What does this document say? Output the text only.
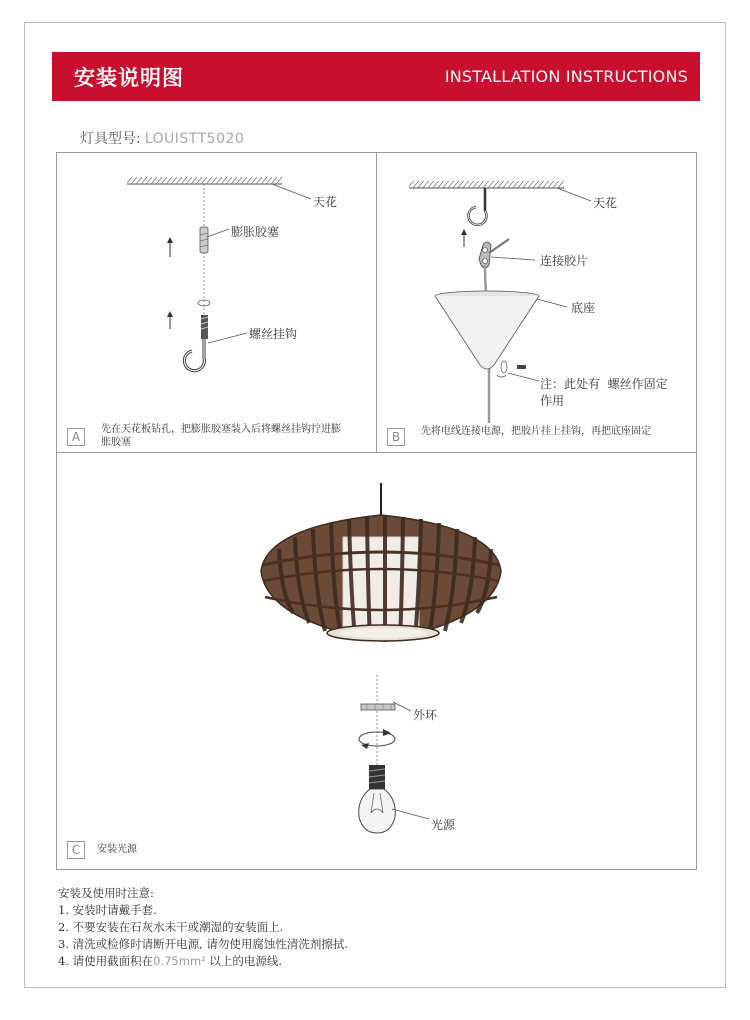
安装说明图	INSTALLATION INSTRUCTIONS
灯具型号: LOUISTT5020
天花
膨胀胶塞
螺丝挂钩
A
先在天花板钻孔，把膨胀胶塞装入后将螺丝挂钩拧进膨
胀胶塞
天花
连接胶片
底座
注：此处有  螺丝作固定
作用
B	先将电线连接电源，把胶片挂上挂钩，再把底座固定
外环
光源
C	安装光源
安装及使用时注意:
1. 安装时请戴手套.
2. 不要安装在石灰水未干或潮湿的安装面上.
3. 清洗或检修时请断开电源, 请勿使用腐蚀性清洗剂擦拭.
4. 请使用截面积在0.75mm² 以上的电源线.
